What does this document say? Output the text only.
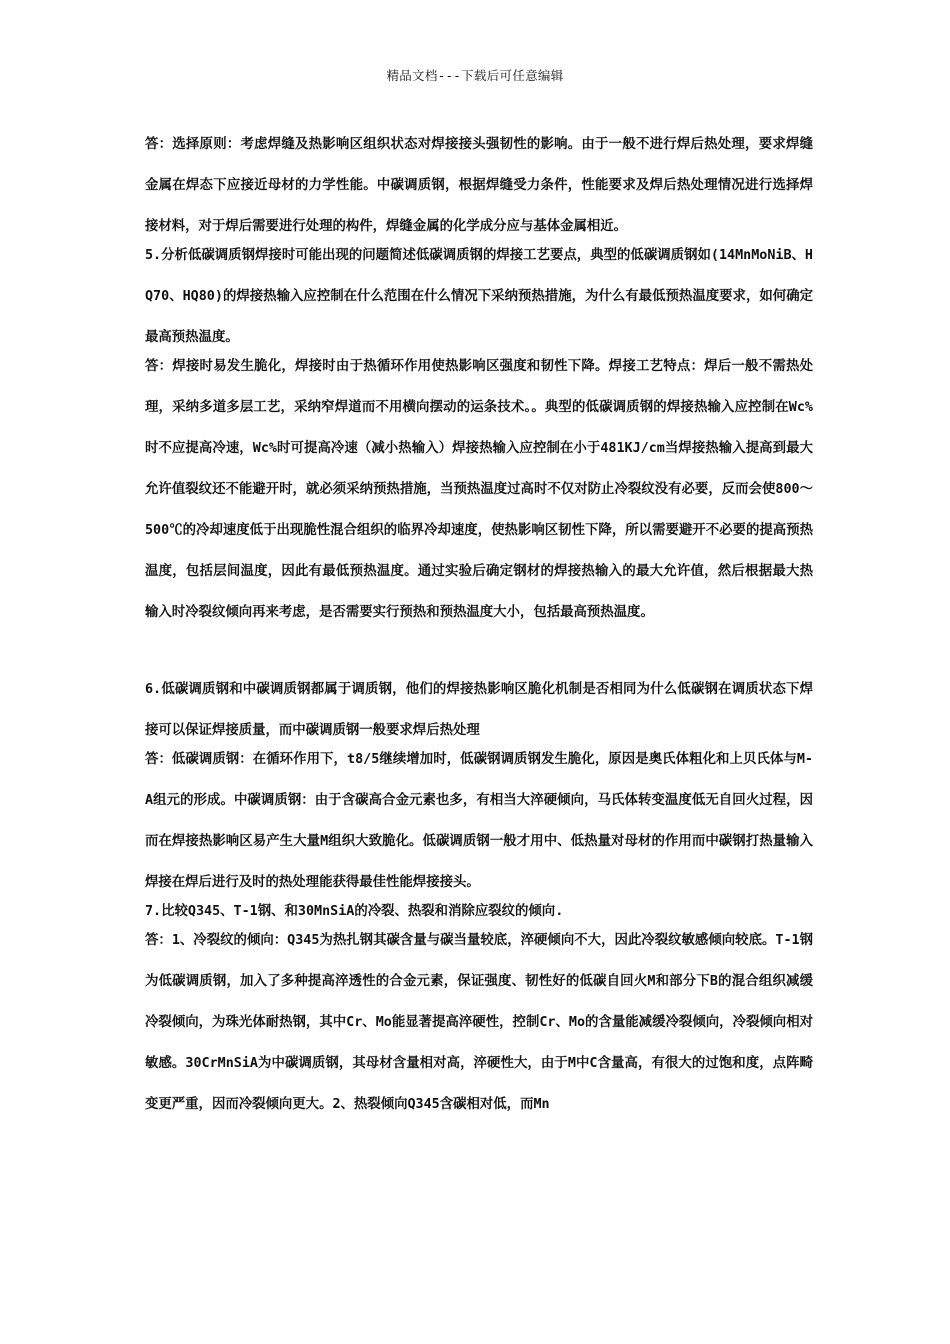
精品文档---下载后可任意编辑

答：选择原则：考虑焊缝及热影响区组织状态对焊接接头强韧性的影响。由于一般不进行焊后热处理，要求焊缝金属在焊态下应接近母材的力学性能。中碳调质钢，根据焊缝受力条件，性能要求及焊后热处理情况进行选择焊接材料，对于焊后需要进行处理的构件，焊缝金属的化学成分应与基体金属相近。

5.分析低碳调质钢焊接时可能出现的问题简述低碳调质钢的焊接工艺要点，典型的低碳调质钢如(14MnMoNiB、HQ70、HQ80)的焊接热输入应控制在什么范围在什么情况下采纳预热措施，为什么有最低预热温度要求，如何确定最高预热温度。

答：焊接时易发生脆化，焊接时由于热循环作用使热影响区强度和韧性下降。焊接工艺特点：焊后一般不需热处理，采纳多道多层工艺，采纳窄焊道而不用横向摆动的运条技术。。典型的低碳调质钢的焊接热输入应控制在Wc%时不应提高冷速，Wc%时可提高冷速（减小热输入）焊接热输入应控制在小于481KJ/cm当焊接热输入提高到最大允许值裂纹还不能避开时，就必须采纳预热措施，当预热温度过高时不仅对防止冷裂纹没有必要，反而会使800～500℃的冷却速度低于出现脆性混合组织的临界冷却速度，使热影响区韧性下降，所以需要避开不必要的提高预热温度，包括层间温度，因此有最低预热温度。通过实验后确定钢材的焊接热输入的最大允许值，然后根据最大热输入时冷裂纹倾向再来考虑，是否需要实行预热和预热温度大小，包括最高预热温度。

6.低碳调质钢和中碳调质钢都属于调质钢，他们的焊接热影响区脆化机制是否相同为什么低碳钢在调质状态下焊接可以保证焊接质量，而中碳调质钢一般要求焊后热处理

答：低碳调质钢：在循环作用下，t8/5继续增加时，低碳钢调质钢发生脆化，原因是奥氏体粗化和上贝氏体与M-A组元的形成。中碳调质钢：由于含碳高合金元素也多，有相当大淬硬倾向，马氏体转变温度低无自回火过程，因而在焊接热影响区易产生大量M组织大致脆化。低碳调质钢一般才用中、低热量对母材的作用而中碳钢打热量输入焊接在焊后进行及时的热处理能获得最佳性能焊接接头。

7.比较Q345、T-1钢、和30MnSiA的冷裂、热裂和消除应裂纹的倾向.

答：1、冷裂纹的倾向：Q345为热扎钢其碳含量与碳当量较底，淬硬倾向不大，因此冷裂纹敏感倾向较底。T-1钢为低碳调质钢，加入了多种提高淬透性的合金元素，保证强度、韧性好的低碳自回火M和部分下B的混合组织减缓冷裂倾向，为珠光体耐热钢，其中Cr、Mo能显著提高淬硬性，控制Cr、Mo的含量能减缓冷裂倾向，冷裂倾向相对敏感。30CrMnSiA为中碳调质钢，其母材含量相对高，淬硬性大，由于M中C含量高，有很大的过饱和度，点阵畸变更严重，因而冷裂倾向更大。2、热裂倾向Q345含碳相对低，而Mn
